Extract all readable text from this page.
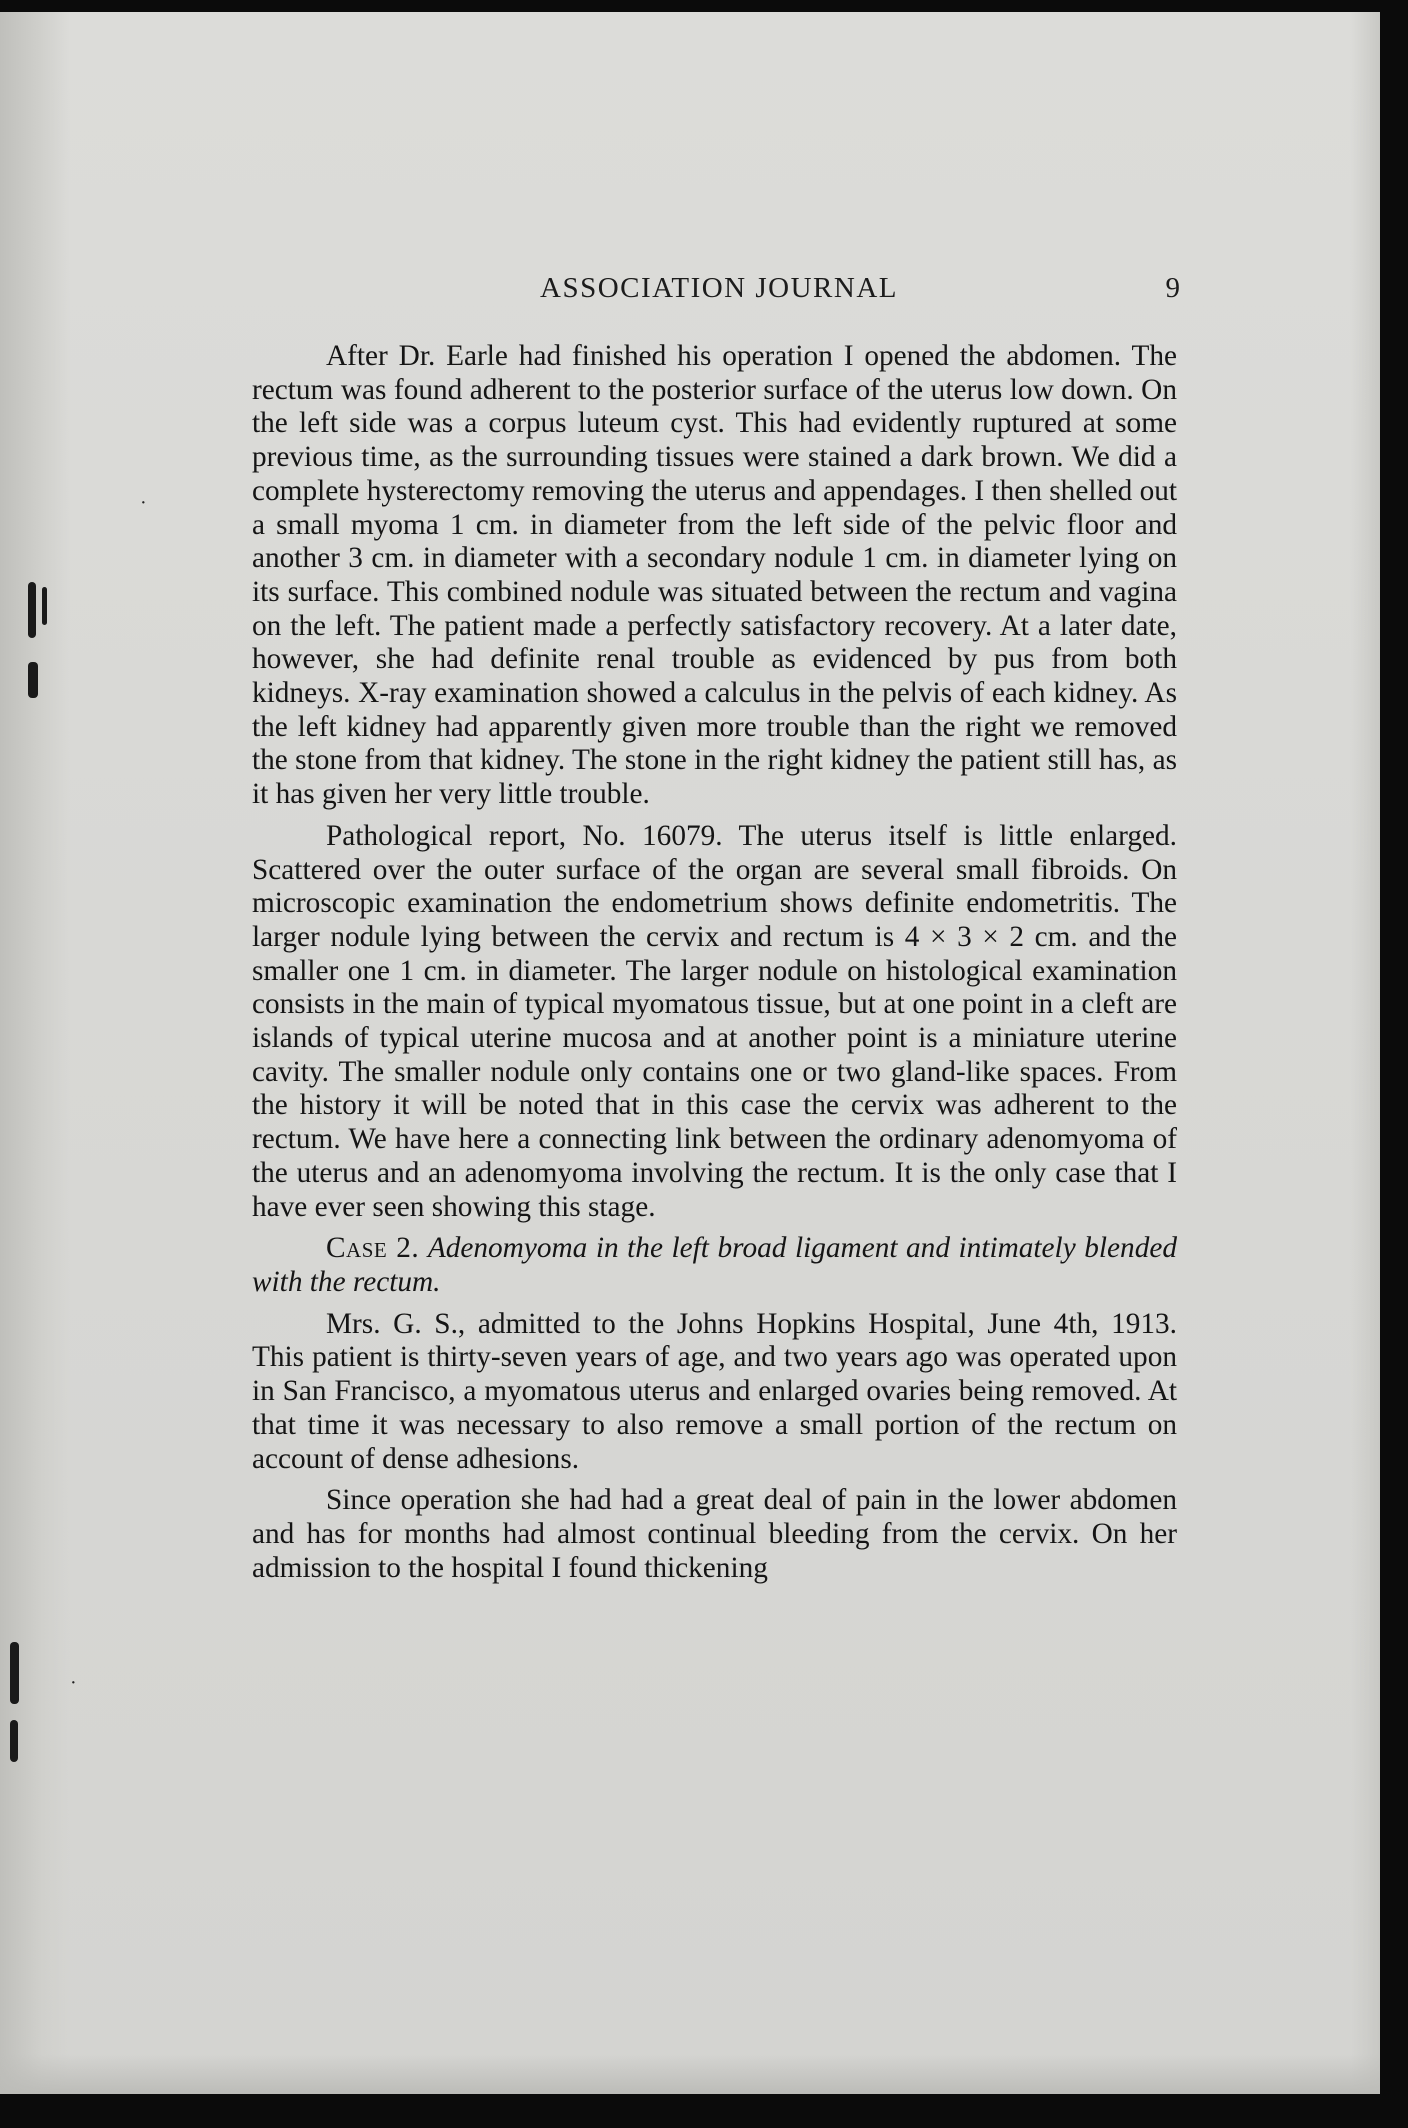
·
·
ASSOCIATION JOURNAL	9

After Dr. Earle had finished his operation I opened the abdomen. The rectum was found adherent to the posterior surface of the uterus low down. On the left side was a corpus luteum cyst. This had evidently ruptured at some previous time, as the surrounding tissues were stained a dark brown. We did a complete hysterectomy removing the uterus and appendages. I then shelled out a small myoma 1 cm. in diameter from the left side of the pelvic floor and another 3 cm. in diameter with a secondary nodule 1 cm. in diameter lying on its surface. This combined nodule was situated between the rectum and vagina on the left. The patient made a perfectly satisfactory recovery. At a later date, however, she had definite renal trouble as evidenced by pus from both kidneys. X-ray examination showed a calculus in the pelvis of each kidney. As the left kidney had apparently given more trouble than the right we removed the stone from that kidney. The stone in the right kidney the patient still has, as it has given her very little trouble.

Pathological report, No. 16079. The uterus itself is little enlarged. Scattered over the outer surface of the organ are several small fibroids. On microscopic examination the endometrium shows definite endometritis. The larger nodule lying between the cervix and rectum is 4 × 3 × 2 cm. and the smaller one 1 cm. in diameter. The larger nodule on histological examination consists in the main of typical myomatous tissue, but at one point in a cleft are islands of typical uterine mucosa and at another point is a miniature uterine cavity. The smaller nodule only contains one or two gland-like spaces. From the history it will be noted that in this case the cervix was adherent to the rectum. We have here a connecting link between the ordinary adenomyoma of the uterus and an adenomyoma involving the rectum. It is the only case that I have ever seen showing this stage.

Case 2. Adenomyoma in the left broad ligament and intimately blended with the rectum.

Mrs. G. S., admitted to the Johns Hopkins Hospital, June 4th, 1913. This patient is thirty-seven years of age, and two years ago was operated upon in San Francisco, a myomatous uterus and enlarged ovaries being removed. At that time it was necessary to also remove a small portion of the rectum on account of dense adhesions.

Since operation she had had a great deal of pain in the lower abdomen and has for months had almost continual bleeding from the cervix. On her admission to the hospital I found thickening
